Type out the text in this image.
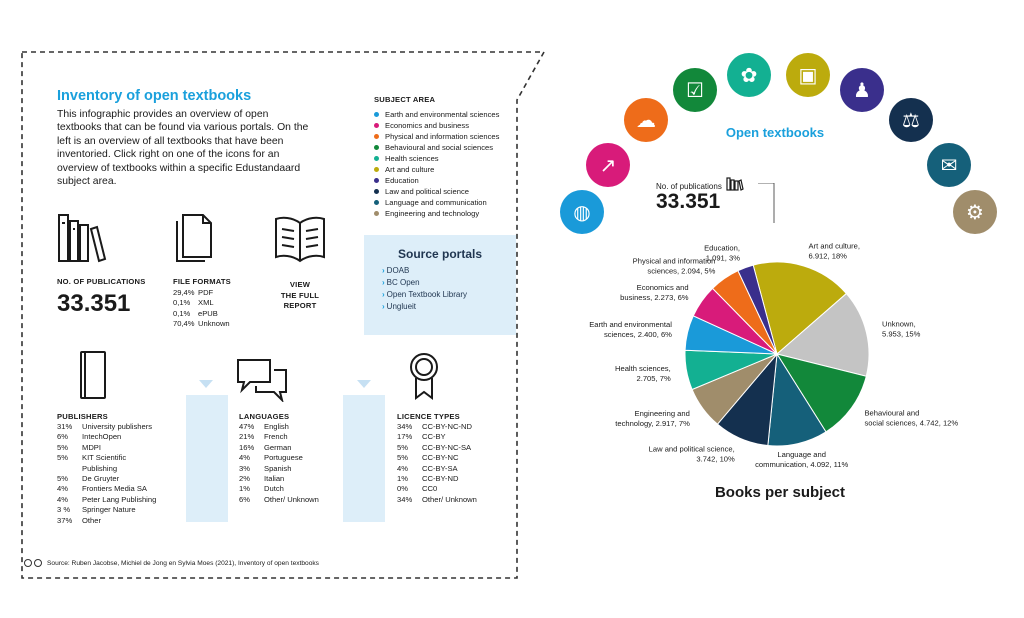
Inventory of open textbooks
This infographic provides an overview of open textbooks that can be found via various portals. On the left is an overview of all textbooks that have been inventoried. Click right on one of the icons for an overview of textbooks within a specific Edustandaard subject area.
SUBJECT AREA
Earth and environmental sciences
Economics and business
Physical and information sciences
Behavioural and social sciences
Health sciences
Art and culture
Education
Law and political science
Language and communication
Engineering and technology
NO. OF PUBLICATIONS
33.351
FILE FORMATS
29,4% PDF
0,1%	XML
0,1%	ePUB
70,4% Unknown
VIEW
THE FULL
REPORT
Source portals
› DOAB
› BC Open
› Open Textbook Library
› Unglueit
PUBLISHERS
31%	University publishers
6%	IntechOpen
5%	MDPI
5%	KIT Scientific Publishing
5%	De Gruyter
4%	Frontiers Media SA
4%	Peter Lang Publishing
3 %	Springer Nature
37%	Other
LANGUAGES
47%	English
21%	French
16%	German
4%	Portuguese
3%	Spanish
2%	Italian
1%	Dutch
6%	Other/ Unknown
LICENCE TYPES
34%	CC-BY-NC-ND
17%	CC-BY
5%	CC-BY-NC-SA
5%	CC-BY-NC
4%	CC-BY-SA
1%	CC-BY-ND
0%	CC0
34%	Other/ Unknown
Source: Ruben Jacobse, Michiel de Jong en Sylvia Moes (2021), Inventory of open textbooks
◍
↗
☁
☑
✿ ▣
♟
⚖
✉
⚙
Open textbooks
No. of publications
33.351
Art and culture, 6.912, 18%
Unknown, 5.953, 15%
Behavioural and social sciences, 4.742, 12%
Language and communication, 4.092, 11%
Law and political science, 3.742, 10%
Engineering and technology, 2.917, 7%
Health sciences, 2.705, 7%
Earth and environmental sciences, 2.400, 6%
Economics and business, 2.273, 6%
Physical and information sciences, 2.094, 5%
Education, 1.091, 3%
Books per subject
